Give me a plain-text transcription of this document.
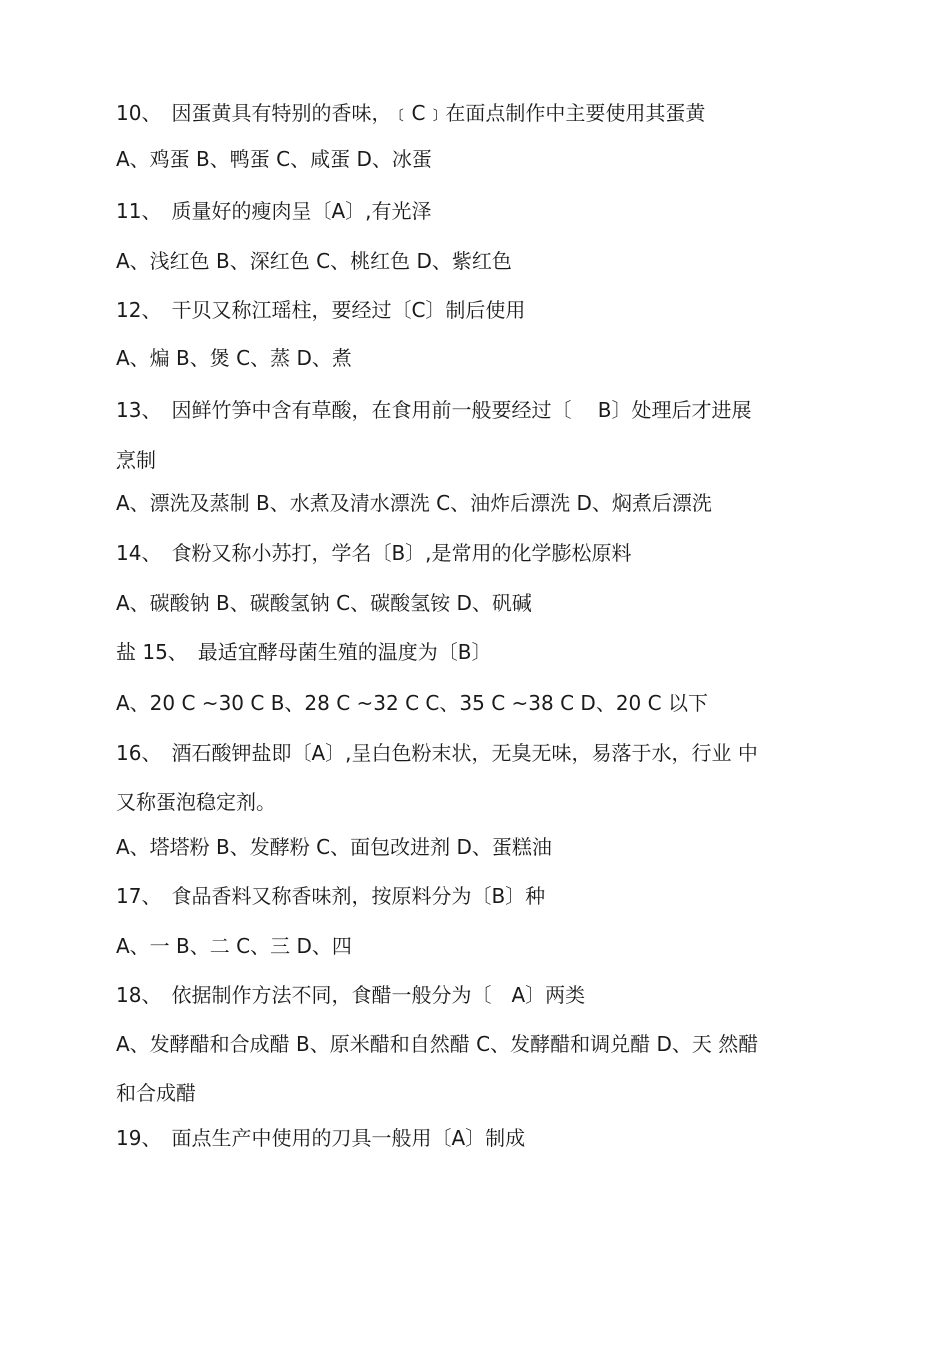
10、　因蛋黄具有特别的香味，﹝C﹞在面点制作中主要使用其蛋黄
A、鸡蛋 B、鸭蛋 C、咸蛋 D、冰蛋
11、　质量好的瘦肉呈〔A〕,有光泽
A、浅红色 B、深红色 C、桃红色 D、紫红色
12、　干贝又称江瑶柱，要经过〔C〕制后使用
A、煸 B、煲 C、蒸 D、煮
13、　因鲜竹笋中含有草酸，在食用前一般要经过〔　 B〕处理后才进展
烹制
A、漂洗及蒸制 B、水煮及清水漂洗 C、油炸后漂洗 D、焖煮后漂洗
14、　食粉又称小苏打，学名〔B〕,是常用的化学膨松原料
A、碳酸钠 B、碳酸氢钠 C、碳酸氢铵 D、矾碱
盐 15、　最适宜酵母菌生殖的温度为〔B〕
A、20 C ~30 C B、28 C ~32 C C、35 C ~38 C D、20 C 以下
16、　酒石酸钾盐即〔A〕,呈白色粉末状，无臭无味，易落于水，行业 中
又称蛋泡稳定剂。
A、塔塔粉 B、发酵粉 C、面包改进剂 D、蛋糕油
17、　食品香料又称香味剂，按原料分为〔B〕种
A、一 B、二 C、三 D、四
18、　依据制作方法不同，食醋一般分为〔　A〕两类
A、发酵醋和合成醋 B、原米醋和自然醋 C、发酵醋和调兑醋 D、天 然醋
和合成醋
19、　面点生产中使用的刀具一般用〔A〕制成
